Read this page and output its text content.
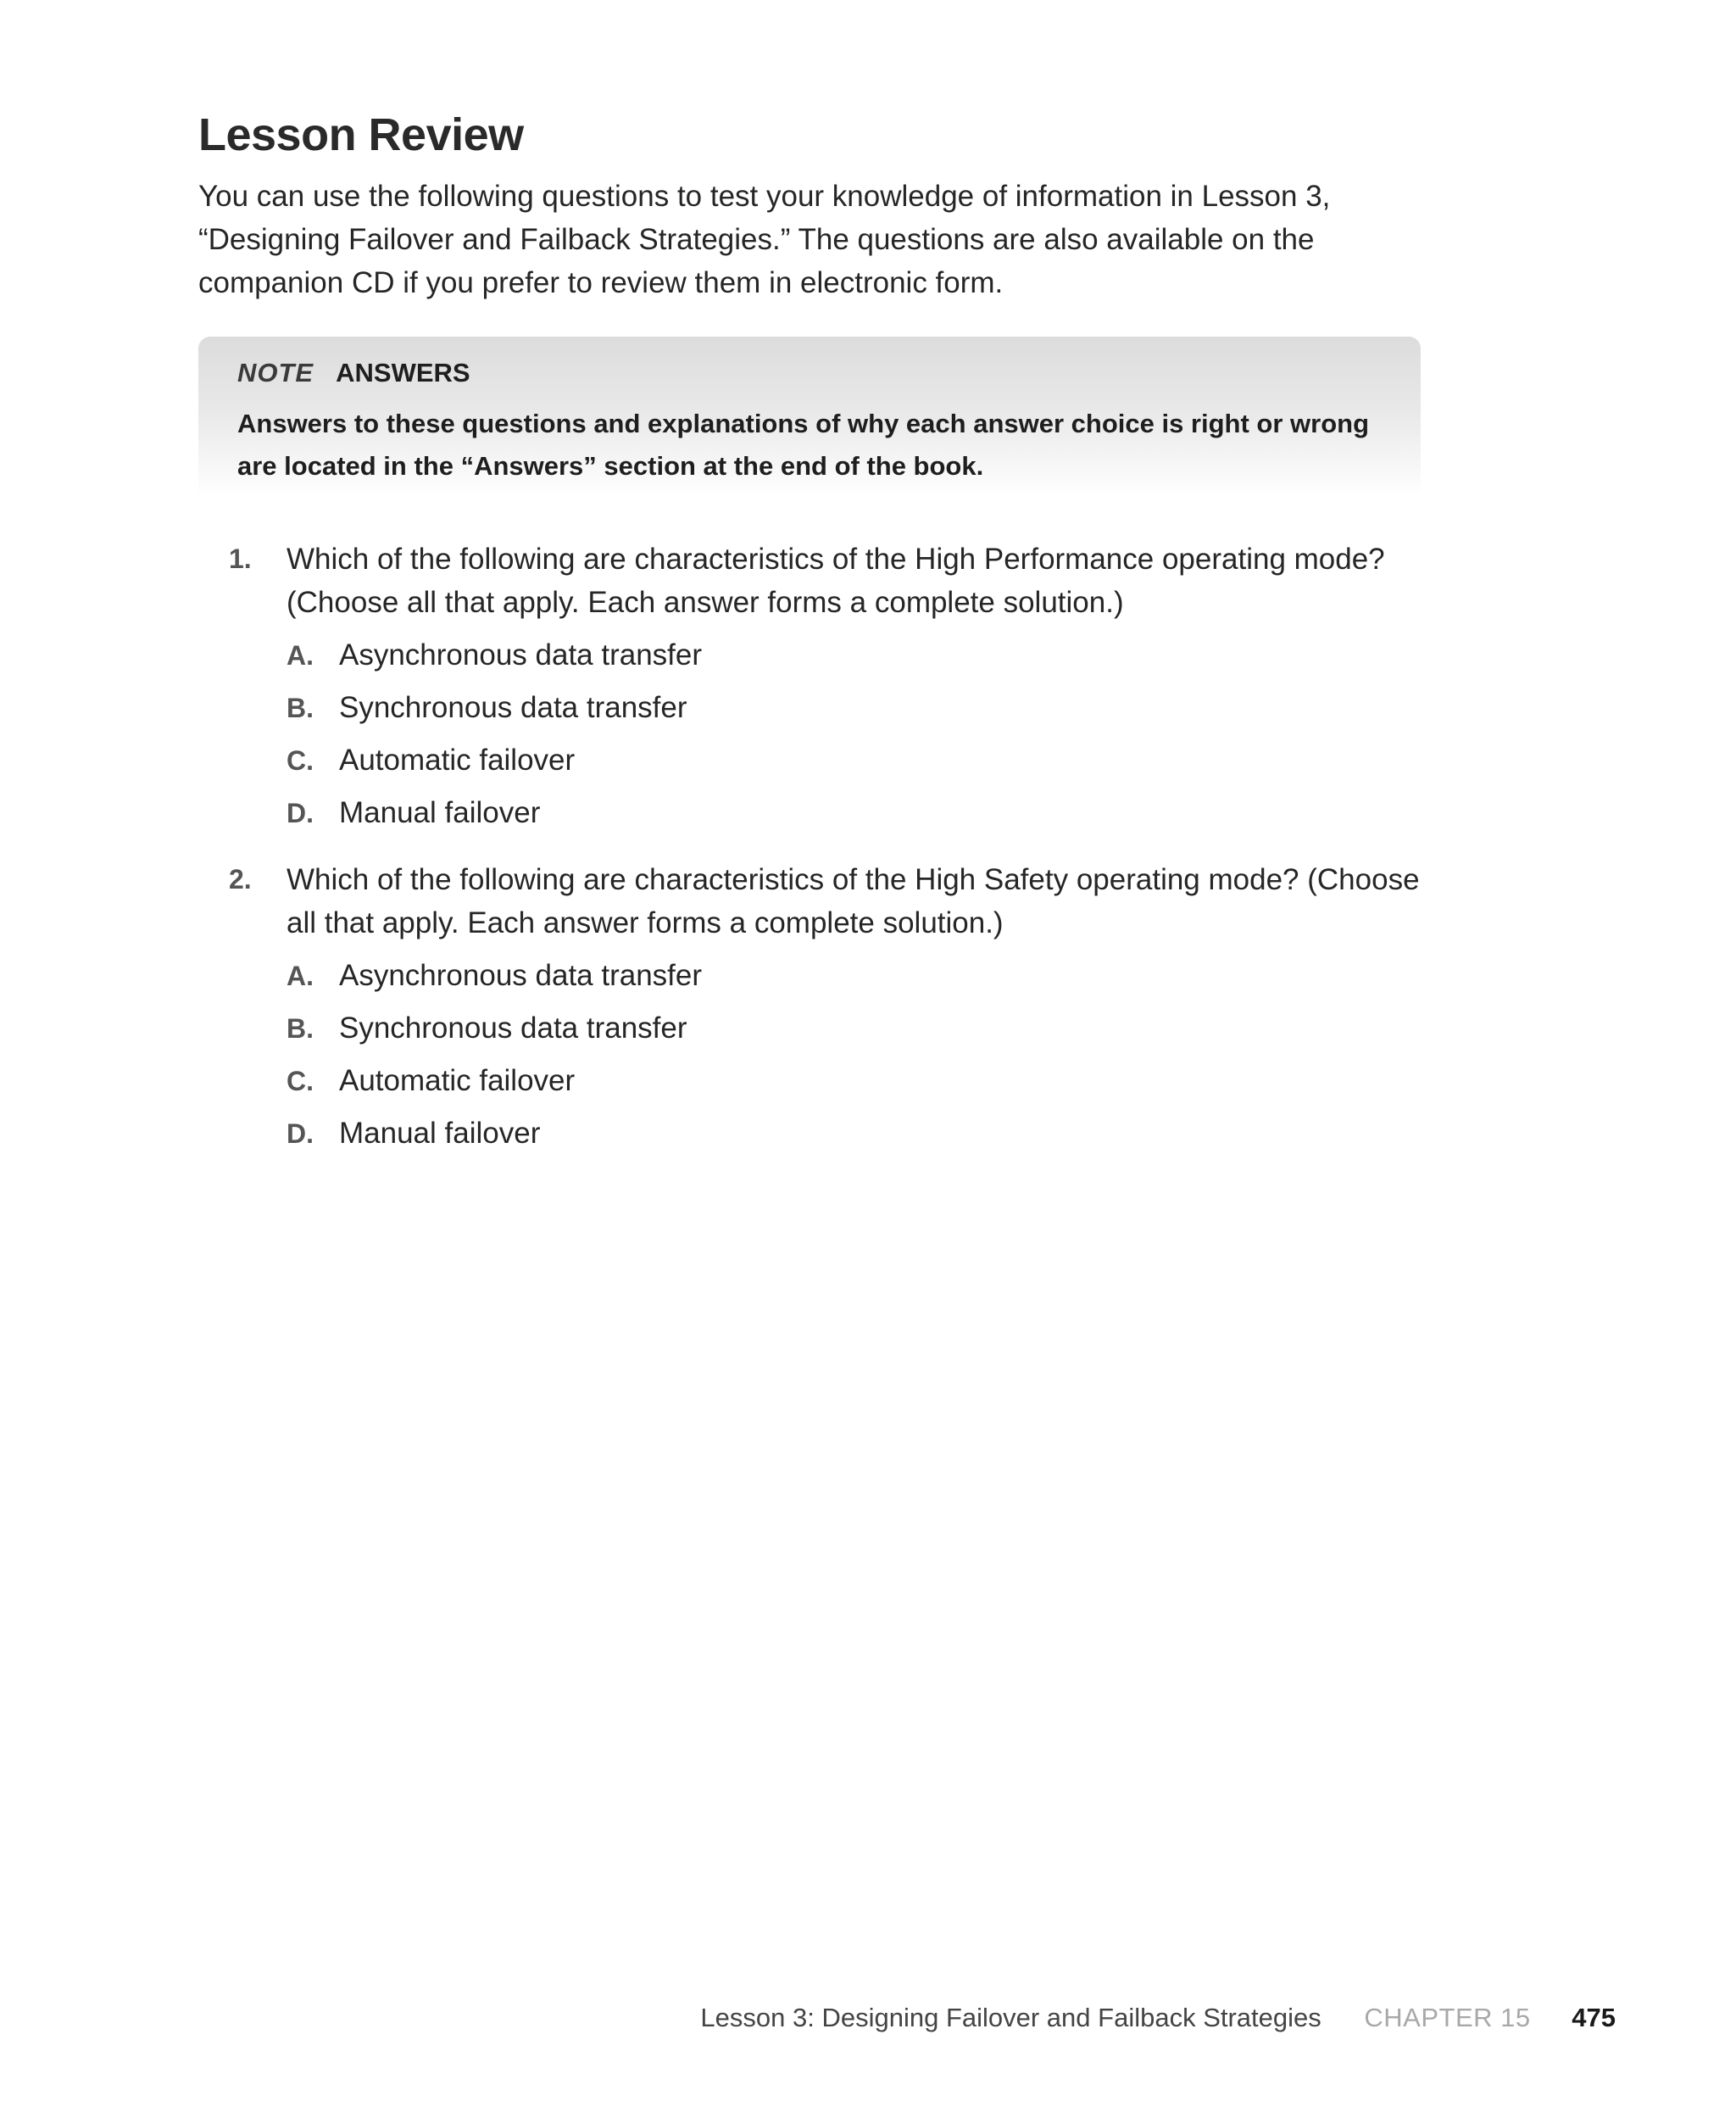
Lesson Review

You can use the following questions to test your knowledge of information in Lesson 3, “Designing Failover and Failback Strategies.” The questions are also available on the companion CD if you prefer to review them in electronic form.

NOTE ANSWERS

Answers to these questions and explanations of why each answer choice is right or wrong are located in the “Answers” section at the end of the book.

1. Which of the following are characteristics of the High Performance operating mode? (Choose all that apply. Each answer forms a complete solution.)

A. Asynchronous data transfer
B. Synchronous data transfer
C. Automatic failover
D. Manual failover
2. Which of the following are characteristics of the High Safety operating mode? (Choose all that apply. Each answer forms a complete solution.)

A. Asynchronous data transfer
B. Synchronous data transfer
C. Automatic failover
D. Manual failover
Lesson 3: Designing Failover and Failback Strategies CHAPTER 15 475
